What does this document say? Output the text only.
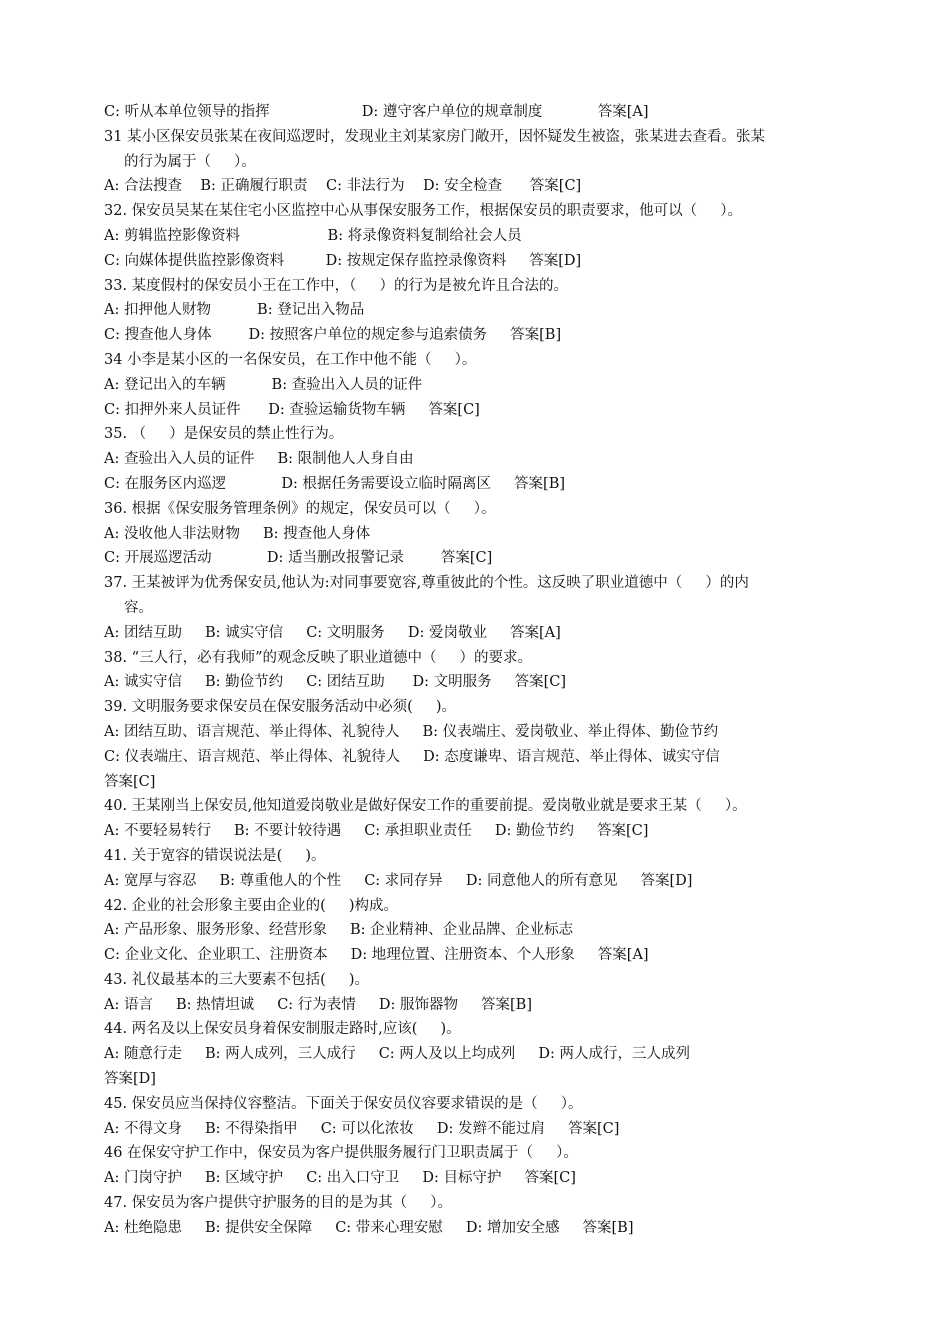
C: 听从本单位领导的指挥                    D: 遵守客户单位的规章制度            答案[A]
31 某小区保安员张某在夜间巡逻时，发现业主刘某家房门敞开，因怀疑发生被盗，张某进去查看。张某
的行为属于（     ）。
A: 合法搜查    B: 正确履行职责    C: 非法行为    D: 安全检查      答案[C]
32. 保安员吴某在某住宅小区监控中心从事保安服务工作，根据保安员的职责要求，他可以（     ）。
A: 剪辑监控影像资料                   B: 将录像资料复制给社会人员
C: 向媒体提供监控影像资料         D: 按规定保存监控录像资料     答案[D]
33. 某度假村的保安员小王在工作中，（     ）的行为是被允许且合法的。
A: 扣押他人财物          B: 登记出入物品
C: 搜查他人身体        D: 按照客户单位的规定参与追索债务     答案[B]
34 小李是某小区的一名保安员，在工作中他不能（     ）。
A: 登记出入的车辆          B: 查验出入人员的证件
C: 扣押外来人员证件      D: 查验运输货物车辆     答案[C]
35. （     ）是保安员的禁止性行为。
A: 查验出入人员的证件     B: 限制他人人身自由
C: 在服务区内巡逻            D: 根据任务需要设立临时隔离区     答案[B]
36. 根据《保安服务管理条例》的规定，保安员可以（     ）。
A: 没收他人非法财物     B: 搜查他人身体
C: 开展巡逻活动            D: 适当删改报警记录        答案[C]
37. 王某被评为优秀保安员,他认为:对同事要宽容,尊重彼此的个性。这反映了职业道德中（     ）的内
容。
A: 团结互助     B: 诚实守信     C: 文明服务     D: 爱岗敬业     答案[A]
38. “三人行，必有我师”的观念反映了职业道德中（     ）的要求。
A: 诚实守信     B: 勤俭节约     C: 团结互助      D: 文明服务     答案[C]
39. 文明服务要求保安员在保安服务活动中必须(     )。
A: 团结互助、语言规范、举止得体、礼貌待人     B: 仪表端庄、爱岗敬业、举止得体、勤俭节约
C: 仪表端庄、语言规范、举止得体、礼貌待人     D: 态度谦卑、语言规范、举止得体、诚实守信
答案[C]
40. 王某刚当上保安员,他知道爱岗敬业是做好保安工作的重要前提。爱岗敬业就是要求王某（     ）。
A: 不要轻易转行     B: 不要计较待遇     C: 承担职业责任     D: 勤俭节约     答案[C]
41. 关于宽容的错误说法是(     )。
A: 宽厚与容忍     B: 尊重他人的个性     C: 求同存异     D: 同意他人的所有意见     答案[D]
42. 企业的社会形象主要由企业的(     )构成。
A: 产品形象、服务形象、经营形象     B: 企业精神、企业品牌、企业标志
C: 企业文化、企业职工、注册资本     D: 地理位置、注册资本、个人形象     答案[A]
43. 礼仪最基本的三大要素不包括(     )。
A: 语言     B: 热情坦诚     C: 行为表情     D: 服饰器物     答案[B]
44. 两名及以上保安员身着保安制服走路时,应该(     )。
A: 随意行走     B: 两人成列，三人成行     C: 两人及以上均成列     D: 两人成行，三人成列
答案[D]
45. 保安员应当保持仪容整洁。下面关于保安员仪容要求错误的是（     ）。
A: 不得文身     B: 不得染指甲     C: 可以化浓妆     D: 发辫不能过肩     答案[C]
46 在保安守护工作中，保安员为客户提供服务履行门卫职责属于（     ）。
A: 门岗守护     B: 区域守护     C: 出入口守卫     D: 目标守护     答案[C]
47. 保安员为客户提供守护服务的目的是为其（     ）。
A: 杜绝隐患     B: 提供安全保障     C: 带来心理安慰     D: 增加安全感     答案[B]
